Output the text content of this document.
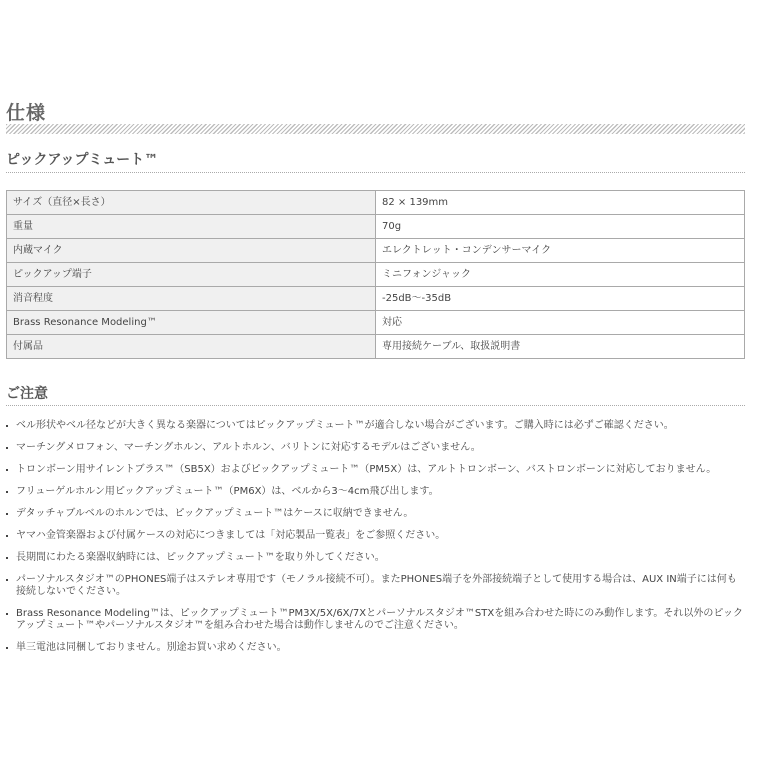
仕様
ピックアップミュート™
サイズ（直径×長さ）	82 × 139mm
重量	70g
内蔵マイク	エレクトレット・コンデンサーマイク
ピックアップ端子	ミニフォンジャック
消音程度	-25dB〜-35dB
Brass Resonance Modeling™	対応
付属品	専用接続ケーブル、取扱説明書
ご注意
ベル形状やベル径などが大きく異なる楽器についてはピックアップミュート™が適合しない場合がございます。ご購入時には必ずご確認ください。
マーチングメロフォン、マーチングホルン、アルトホルン、バリトンに対応するモデルはございません。
トロンボーン用サイレントブラス™（SB5X）およびピックアップミュート™（PM5X）は、アルトトロンボーン、バストロンボーンに対応しておりません。
フリューゲルホルン用ピックアップミュート™（PM6X）は、ベルから3〜4cm飛び出します。
デタッチャブルベルのホルンでは、ピックアップミュート™はケースに収納できません。
ヤマハ金管楽器および付属ケースの対応につきましては「対応製品一覧表」をご参照ください。
長期間にわたる楽器収納時には、ピックアップミュート™を取り外してください。
パーソナルスタジオ™のPHONES端子はステレオ専用です（モノラル接続不可）。またPHONES端子を外部接続端子として使用する場合は、AUX IN端子には何も接続しないでください。
Brass Resonance Modeling™は、ピックアップミュート™PM3X/5X/6X/7Xとパーソナルスタジオ™STXを組み合わせた時にのみ動作します。それ以外のピックアップミュート™やパーソナルスタジオ™を組み合わせた場合は動作しませんのでご注意ください。
単三電池は同梱しておりません。別途お買い求めください。
